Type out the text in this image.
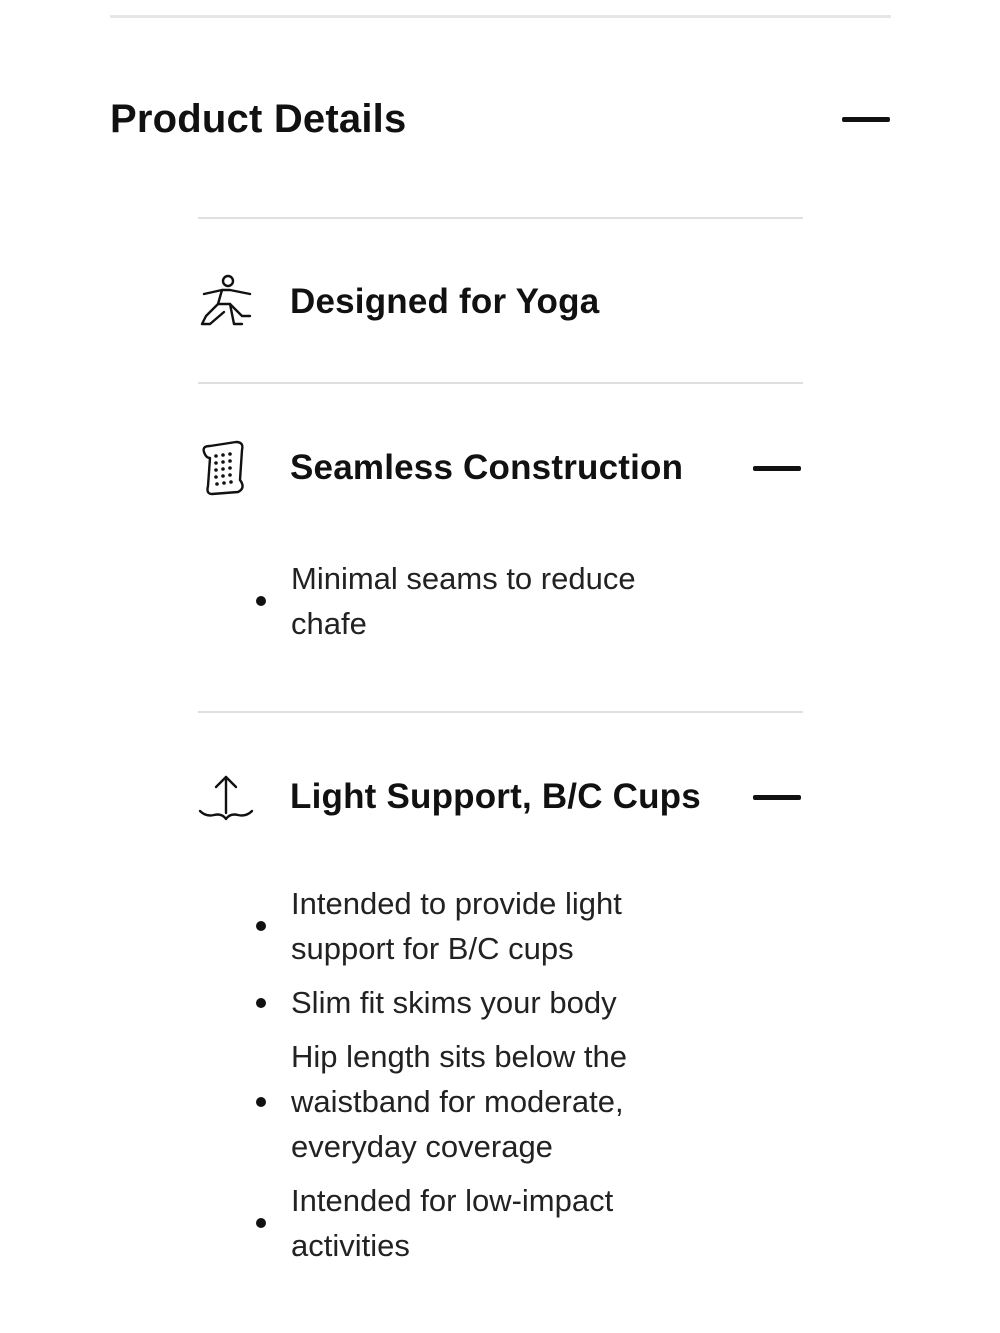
Product Details
Designed for Yoga
Seamless Construction
Minimal seams to reduce chafe
Light Support, B/C Cups
Intended to provide light support for B/C cups
Slim fit skims your body
Hip length sits below the waistband for moderate, everyday coverage
Intended for low-impact activities
